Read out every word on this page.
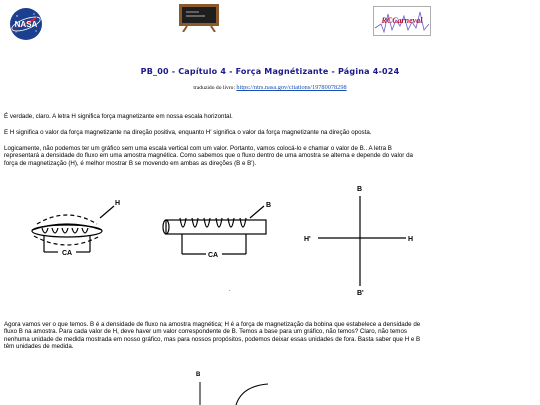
NASA	RCCarneval
PB_00 - Capítulo 4 - Força Magnétizante - Página 4-024
traduzido do livro: https://ntrs.nasa.gov/citations/19780078298
É verdade, claro. A letra H significa força magnetizante em nossa escala horizontal.
E H significa o valor da força magnetizante na direção positiva, enquanto H' significa o valor da força magnetizante na direção oposta.
Logicamente, não podemos ter um gráfico sem uma escala vertical com um valor. Portanto, vamos colocá-lo e chamar o valor de B.. A letra B representará a densidade do fluxo em uma amostra magnética. Como sabemos que o fluxo dentro de uma amostra se alterna e depende do valor da força de magnetização (H), é melhor mostrar B se movendo em ambas as direções (B e B').
H
CA
B
CA
B
B'
H
H'
.
Agora vamos ver o que temos. B é a densidade de fluxo na amostra magnética; H é a força de magnetização da bobina que estabelece a densidade de fluxo B na amostra. Para cada valor de H, deve haver um valor correspondente de B. Temos a base para um gráfico, não temos? Claro, não temos nenhuma unidade de medida mostrada em nosso gráfico, mas para nossos propósitos, podemos deixar essas unidades de fora. Basta saber que H e B têm unidades de medida.
B
